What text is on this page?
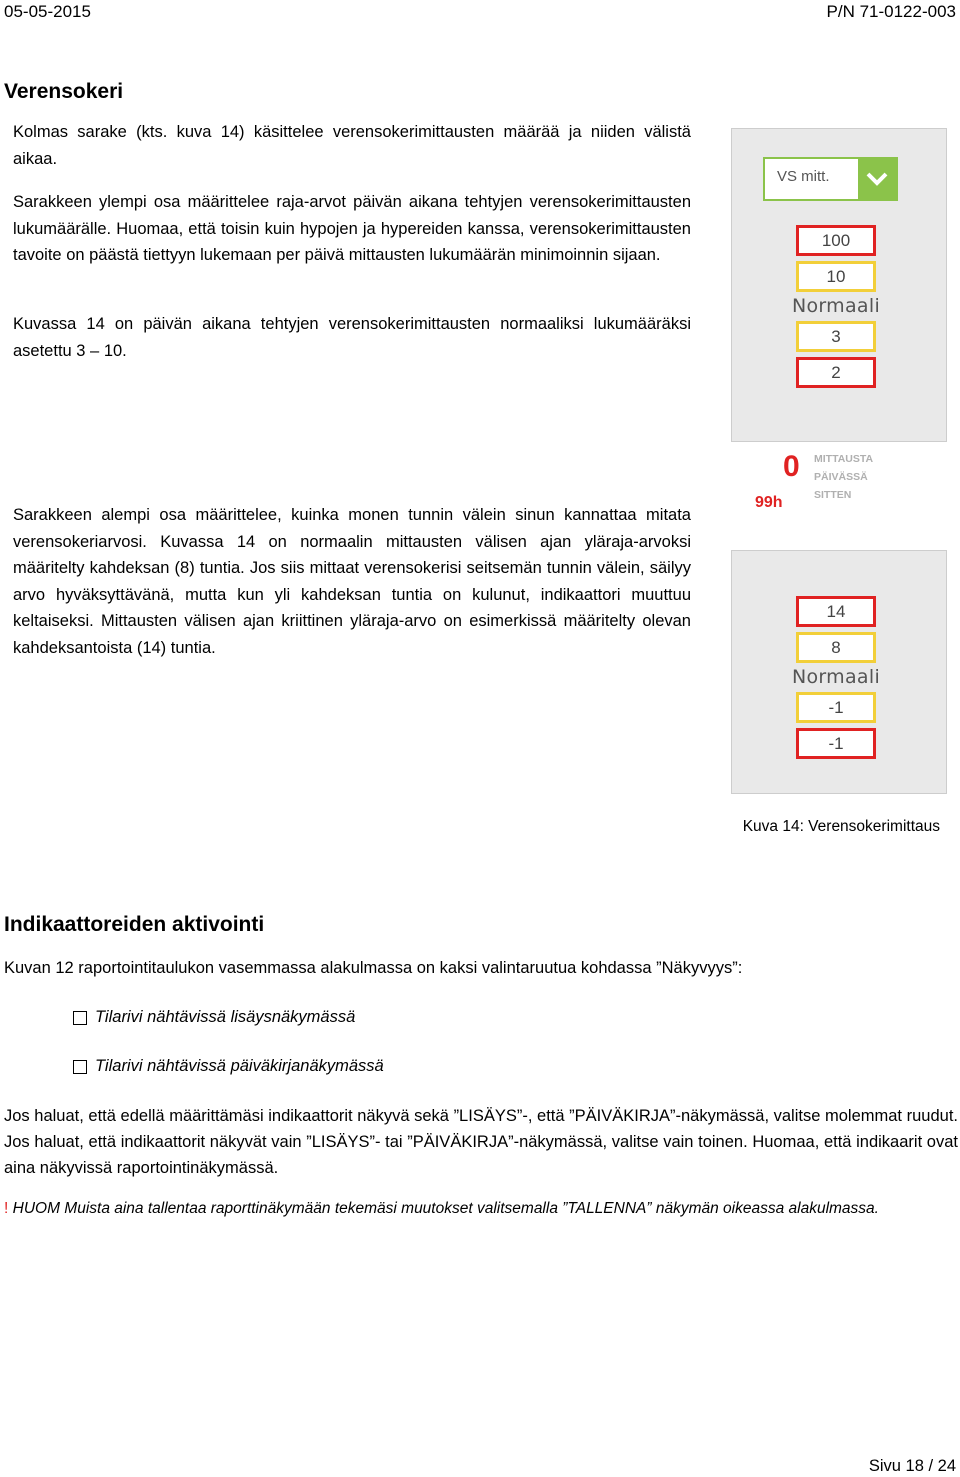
05-05-2015	P/N 71-0122-003
Verensokeri

Kolmas sarake (kts. kuva 14) käsittelee verensokerimittausten määrää ja niiden välistä aikaa.

Sarakkeen ylempi osa määrittelee raja-arvot päivän aikana tehtyjen verensokerimittausten lukumäärälle. Huomaa, että toisin kuin hypojen ja hypereiden kanssa, verensokerimittausten tavoite on päästä tiettyyn lukemaan per päivä mittausten lukumäärän minimoinnin sijaan.

Kuvassa 14 on päivän aikana tehtyjen verensokerimittausten normaaliksi lukumääräksi asetettu 3 – 10.

Sarakkeen alempi osa määrittelee, kuinka monen tunnin välein sinun kannattaa mitata verensokeriarvosi. Kuvassa 14 on normaalin mittausten välisen ajan yläraja-arvoksi määritelty kahdeksan (8) tuntia. Jos siis mittaat verensokerisi seitsemän tunnin välein, säilyy arvo hyväksyttävänä, mutta kun yli kahdeksan tuntia on kulunut, indikaattori muuttuu keltaiseksi. Mittausten välisen ajan kriittinen yläraja-arvo on esimerkissä määritelty olevan kahdeksantoista (14) tuntia.

VS mitt.
100
10
Normaali
3
2
0
99h
MITTAUSTA
PÄIVÄSSÄ
SITTEN
14
8
Normaali
-1
-1
Kuva 14: Verensokerimittaus
Indikaattoreiden aktivointi

Kuvan 12 raportointitaulukon vasemmassa alakulmassa on kaksi valintaruutua kohdassa ”Näkyvyys”:

Tilarivi nähtävissä lisäysnäkymässä
Tilarivi nähtävissä päiväkirjanäkymässä

Jos haluat, että edellä määrittämäsi indikaattorit näkyvä sekä ”LISÄYS”-, että ”PÄIVÄKIRJA”-näkymässä, valitse molemmat ruudut. Jos haluat, että indikaattorit näkyvät vain ”LISÄYS”- tai ”PÄIVÄKIRJA”-näkymässä, valitse vain toinen. Huomaa, että indikaarit ovat aina näkyvissä raportointinäkymässä.

! HUOM Muista aina tallentaa raporttinäkymään tekemäsi muutokset valitsemalla ”TALLENNA” näkymän oikeassa alakulmassa.

Sivu 18 / 24
